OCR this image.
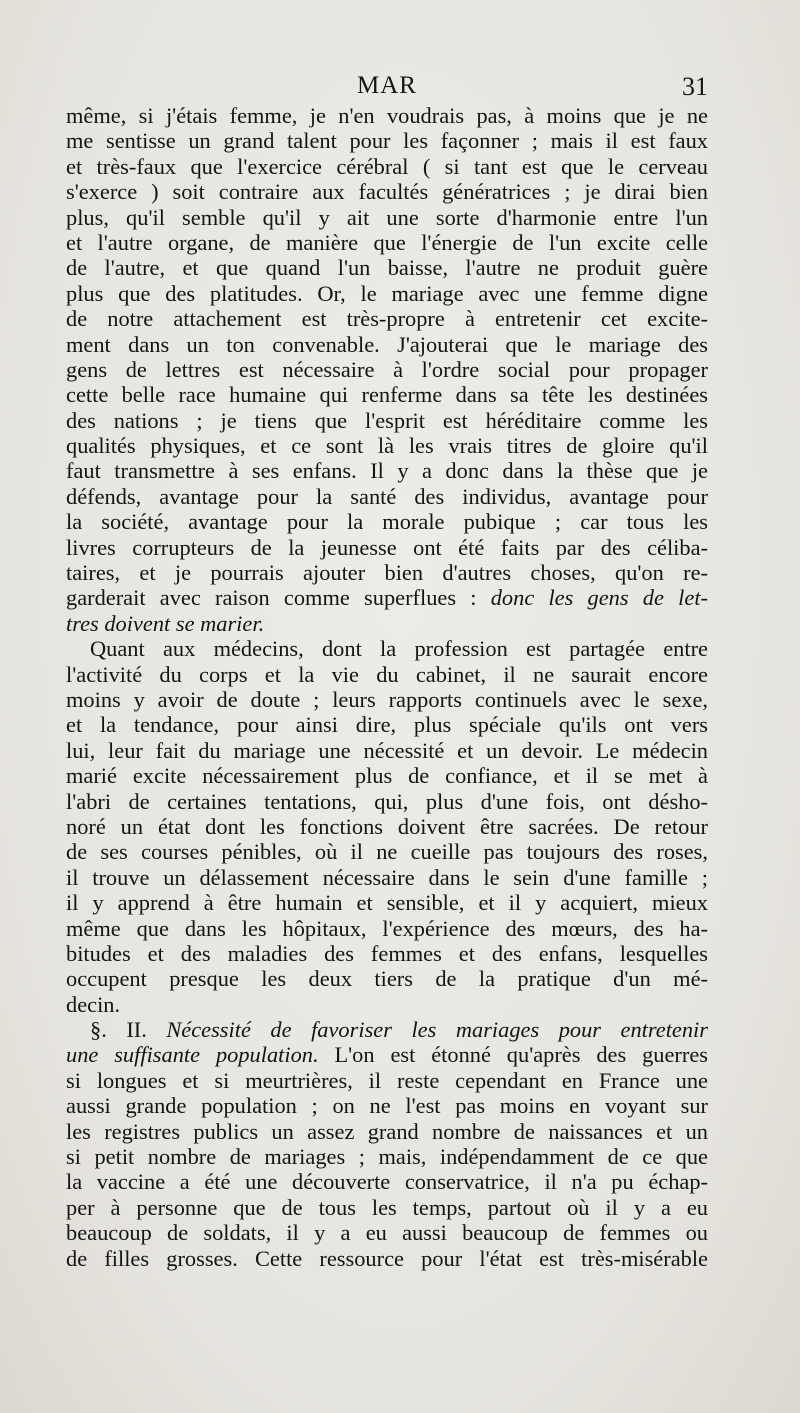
MAR	31
même, si j'étais femme, je n'en voudrais pas, à moins que je ne
me sentisse un grand talent pour les façonner ; mais il est faux
et très-faux que l'exercice cérébral ( si tant est que le cerveau
s'exerce ) soit contraire aux facultés génératrices ; je dirai bien
plus, qu'il semble qu'il y ait une sorte d'harmonie entre l'un
et l'autre organe, de manière que l'énergie de l'un excite celle
de l'autre, et que quand l'un baisse, l'autre ne produit guère
plus que des platitudes. Or, le mariage avec une femme digne
de notre attachement est très-propre à entretenir cet excite-
ment dans un ton convenable. J'ajouterai que le mariage des
gens de lettres est nécessaire à l'ordre social pour propager
cette belle race humaine qui renferme dans sa tête les destinées
des nations ; je tiens que l'esprit est héréditaire comme les
qualités physiques, et ce sont là les vrais titres de gloire qu'il
faut transmettre à ses enfans. Il y a donc dans la thèse que je
défends, avantage pour la santé des individus, avantage pour
la société, avantage pour la morale pubique ; car tous les
livres corrupteurs de la jeunesse ont été faits par des céliba-
taires, et je pourrais ajouter bien d'autres choses, qu'on re-
garderait avec raison comme superflues : donc les gens de let-
tres doivent se marier.
Quant aux médecins, dont la profession est partagée entre
l'activité du corps et la vie du cabinet, il ne saurait encore
moins y avoir de doute ; leurs rapports continuels avec le sexe,
et la tendance, pour ainsi dire, plus spéciale qu'ils ont vers
lui, leur fait du mariage une nécessité et un devoir. Le médecin
marié excite nécessairement plus de confiance, et il se met à
l'abri de certaines tentations, qui, plus d'une fois, ont désho-
noré un état dont les fonctions doivent être sacrées. De retour
de ses courses pénibles, où il ne cueille pas toujours des roses,
il trouve un délassement nécessaire dans le sein d'une famille ;
il y apprend à être humain et sensible, et il y acquiert, mieux
même que dans les hôpitaux, l'expérience des mœurs, des ha-
bitudes et des maladies des femmes et des enfans, lesquelles
occupent presque les deux tiers de la pratique d'un mé-
decin.
§. II. Nécessité de favoriser les mariages pour entretenir
une suffisante population. L'on est étonné qu'après des guerres
si longues et si meurtrières, il reste cependant en France une
aussi grande population ; on ne l'est pas moins en voyant sur
les registres publics un assez grand nombre de naissances et un
si petit nombre de mariages ; mais, indépendamment de ce que
la vaccine a été une découverte conservatrice, il n'a pu échap-
per à personne que de tous les temps, partout où il y a eu
beaucoup de soldats, il y a eu aussi beaucoup de femmes ou
de filles grosses. Cette ressource pour l'état est très-misérable
